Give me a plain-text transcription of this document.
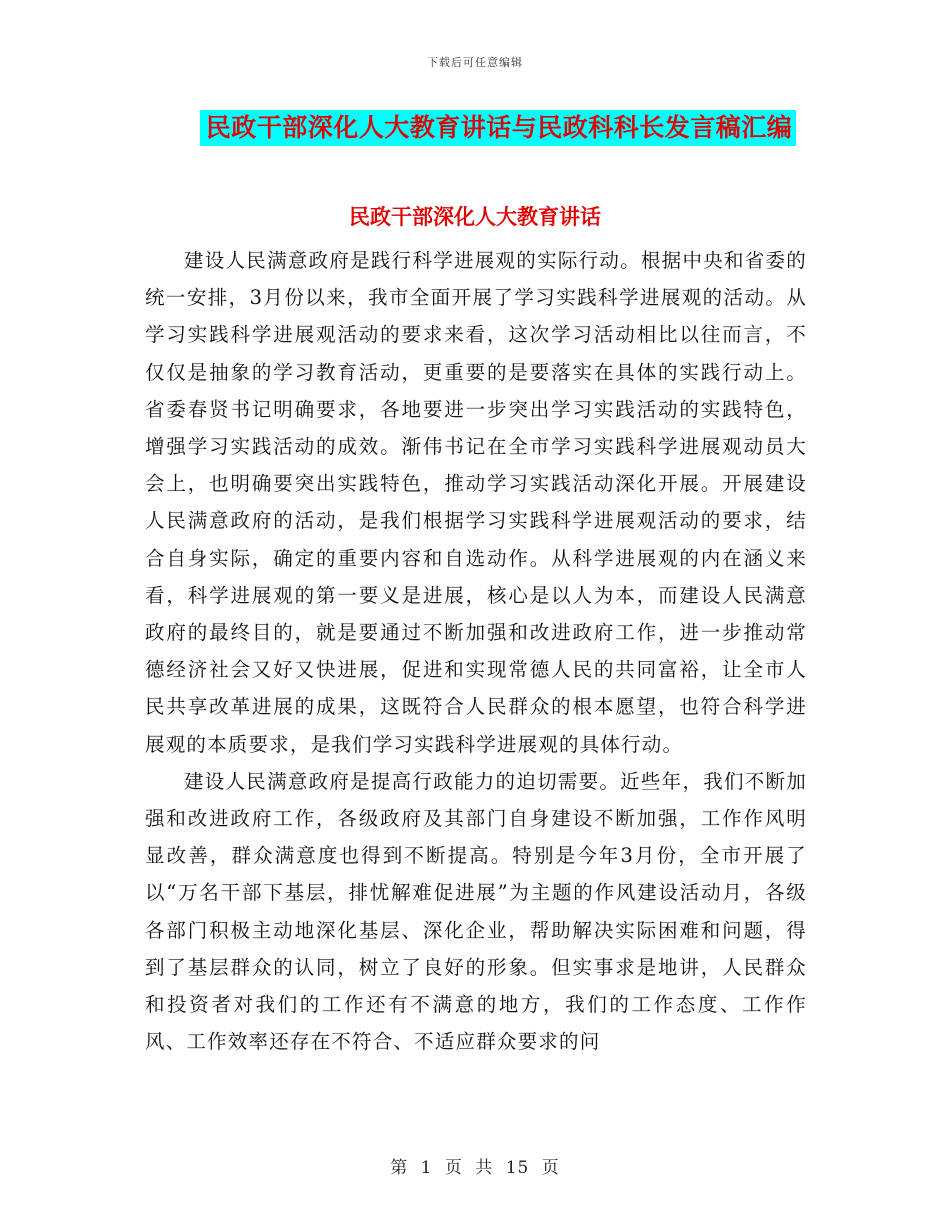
下载后可任意编辑
民政干部深化人大教育讲话与民政科科长发言稿汇编
民政干部深化人大教育讲话

建设人民满意政府是践行科学进展观的实际行动。根据中央和省委的统一安排，3月份以来，我市全面开展了学习实践科学进展观的活动。从学习实践科学进展观活动的要求来看，这次学习活动相比以往而言，不仅仅是抽象的学习教育活动，更重要的是要落实在具体的实践行动上。省委春贤书记明确要求，各地要进一步突出学习实践活动的实践特色，增强学习实践活动的成效。渐伟书记在全市学习实践科学进展观动员大会上，也明确要突出实践特色，推动学习实践活动深化开展。开展建设人民满意政府的活动，是我们根据学习实践科学进展观活动的要求，结合自身实际，确定的重要内容和自选动作。从科学进展观的内在涵义来看，科学进展观的第一要义是进展，核心是以人为本，而建设人民满意政府的最终目的，就是要通过不断加强和改进政府工作，进一步推动常德经济社会又好又快进展，促进和实现常德人民的共同富裕，让全市人民共享改革进展的成果，这既符合人民群众的根本愿望，也符合科学进展观的本质要求，是我们学习实践科学进展观的具体行动。

建设人民满意政府是提高行政能力的迫切需要。近些年，我们不断加强和改进政府工作，各级政府及其部门自身建设不断加强，工作作风明显改善，群众满意度也得到不断提高。特别是今年3月份，全市开展了以“万名干部下基层，排忧解难促进展”为主题的作风建设活动月，各级各部门积极主动地深化基层、深化企业，帮助解决实际困难和问题，得到了基层群众的认同，树立了良好的形象。但实事求是地讲，人民群众和投资者对我们的工作还有不满意的地方，我们的工作态度、工作作风、工作效率还存在不符合、不适应群众要求的问

第 1 页 共 15 页
